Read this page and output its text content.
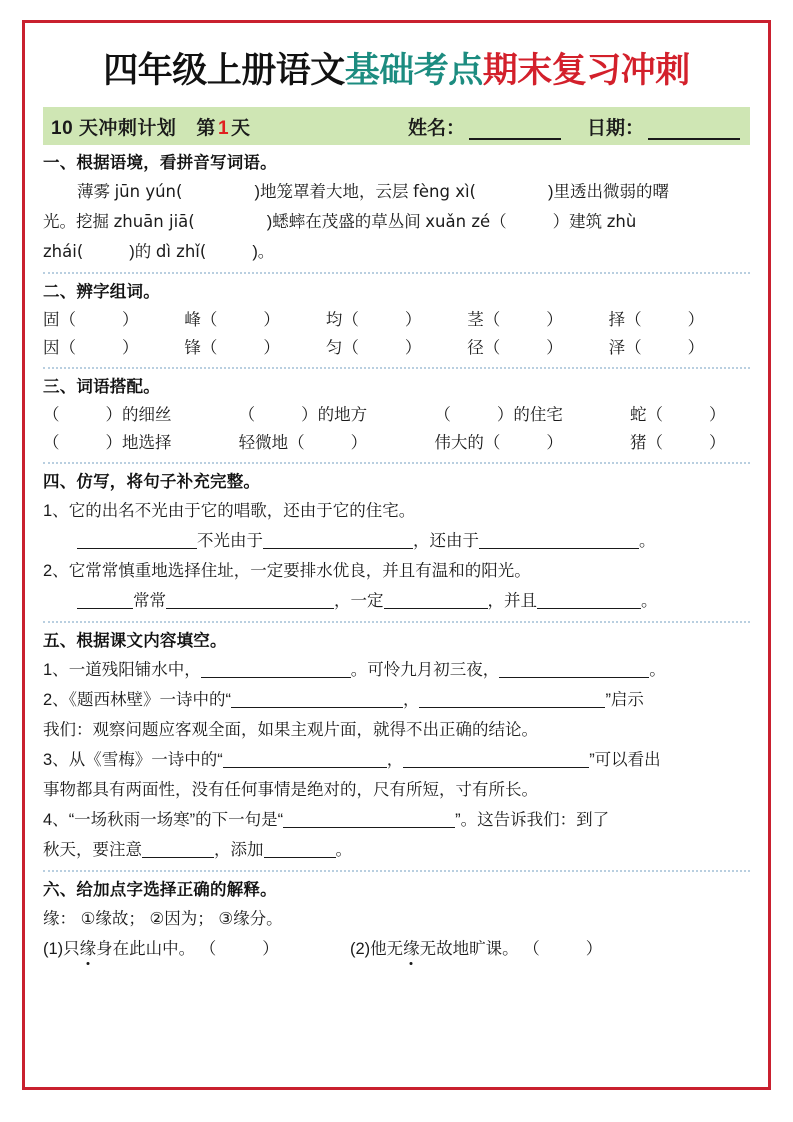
四年级上册语文基础考点期末复习冲刺
10 天冲刺计划 第 1 天	姓名：	日期：
一、根据语境，看拼音写词语。
薄雾 jūn yún(	)地笼罩着大地，云层 fèng xì(	)里透出微弱的曙
光。挖掘 zhuān jiā(	)蟋蟀在茂盛的草丛间 xuǎn zé（	）建筑 zhù
zhái(	)的 dì zhǐ(	)。
二、辨字组词。
固（	）	峰（	）	均（	）	茎（	）	择（	）
因（	）	锋（	）	匀（	）	径（	）	泽（	）
三、词语搭配。
（	）的细丝	（	）的地方	（	）的住宅	蛇（	）
（	）地选择	轻微地（	）	伟大的（	）	猪（	）
四、仿写，将句子补充完整。
1、它的出名不光由于它的唱歌，还由于它的住宅。
不光由于	，还由于	。
2、它常常慎重地选择住址，一定要排水优良，并且有温和的阳光。
常常	，一定	，并且	。
五、根据课文内容填空。
1、一道残阳铺水中，	。可怜九月初三夜，	。
2、《题西林壁》一诗中的“	，	”启示
我们：观察问题应客观全面，如果主观片面，就得不出正确的结论。
3、从《雪梅》一诗中的“	，	”可以看出
事物都具有两面性，没有任何事情是绝对的，尺有所短，寸有所长。
4、“一场秋雨一场寒”的下一句是“	”。这告诉我们：到了
秋天，要注意	，添加	。
六、给加点字选择正确的解释。
缘： ①缘故； ②因为； ③缘分。
(1)只缘身在此山中。 （	）	(2)他无缘无故地旷课。 （	）
